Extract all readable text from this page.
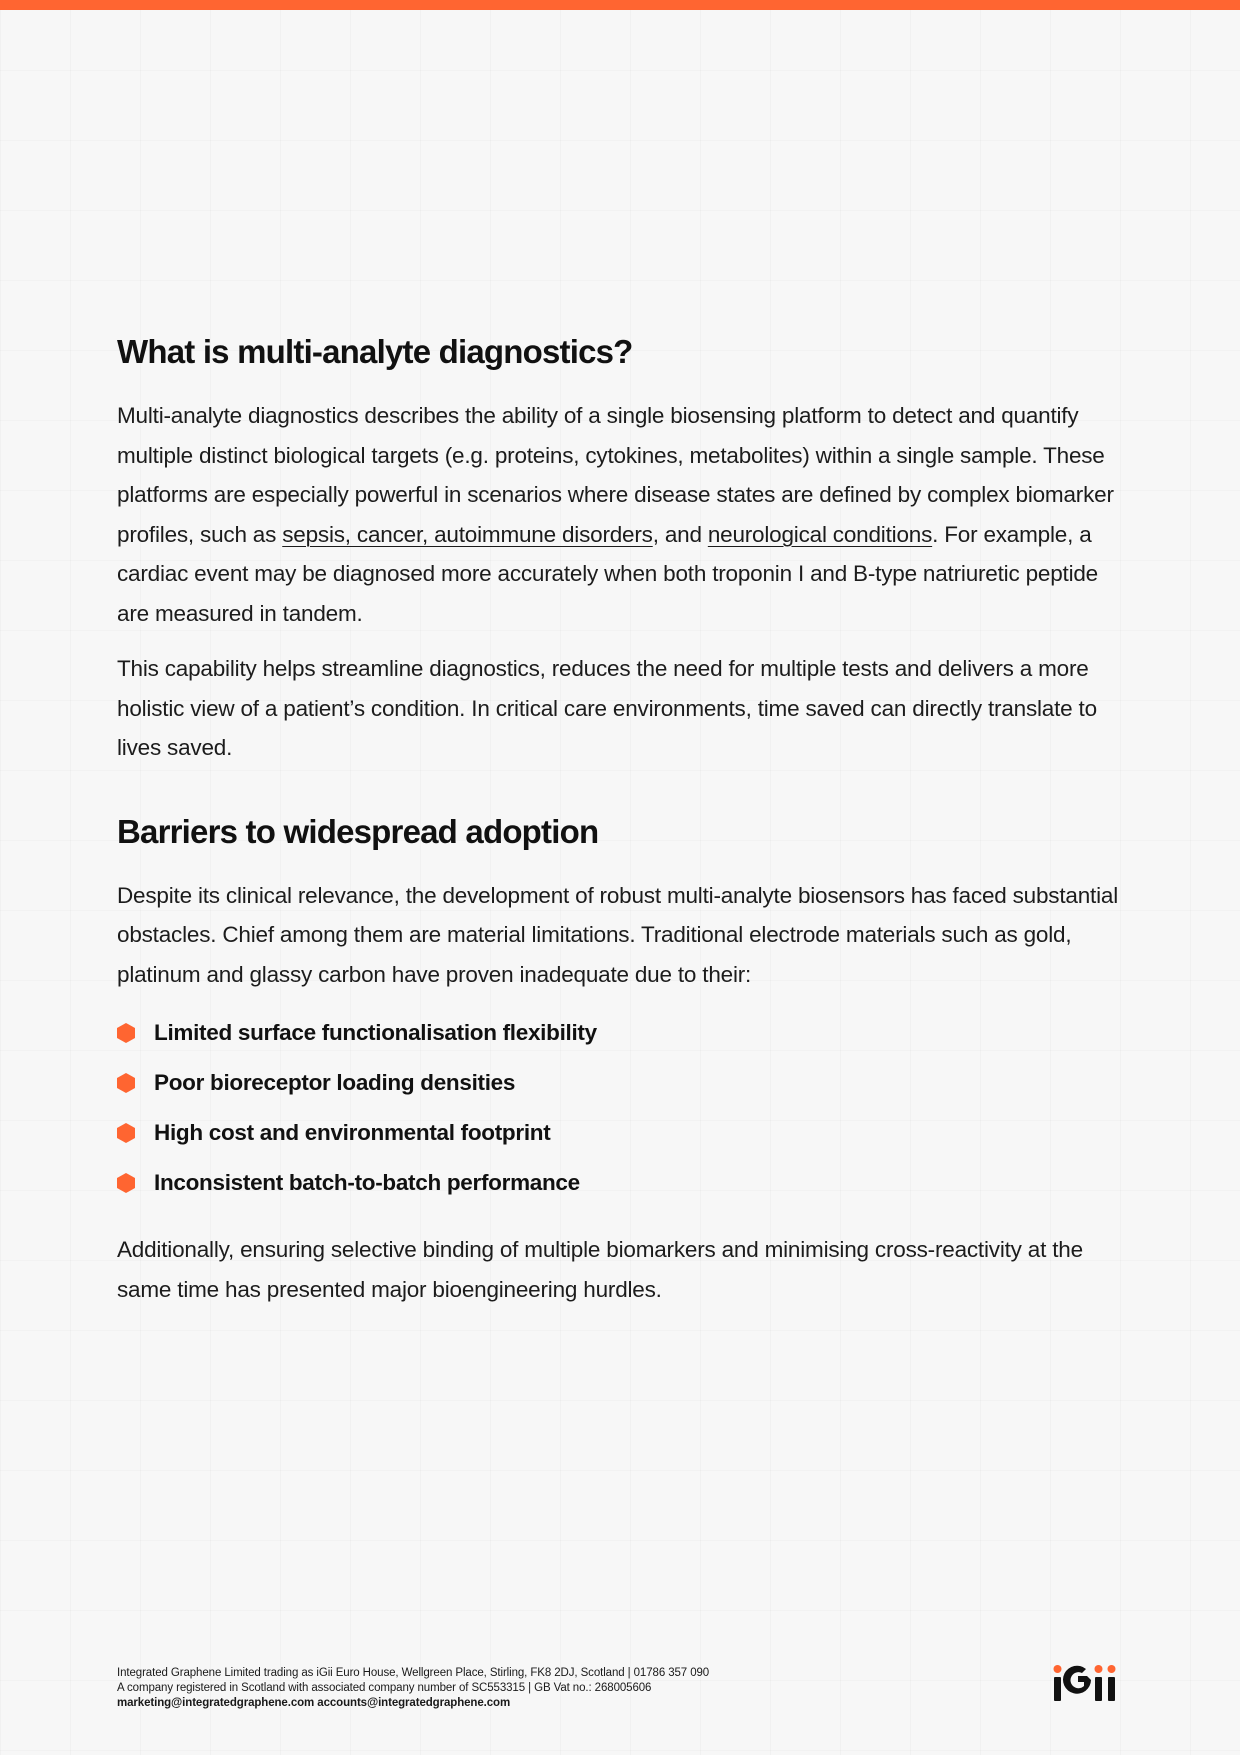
What is multi-analyte diagnostics?

Multi-analyte diagnostics describes the ability of a single biosensing platform to detect and quantify multiple distinct biological targets (e.g. proteins, cytokines, metabolites) within a single sample. These platforms are especially powerful in scenarios where disease states are defined by complex biomarker profiles, such as sepsis, cancer, autoimmune disorders, and neurological conditions. For example, a cardiac event may be diagnosed more accurately when both troponin I and B-type natriuretic peptide are measured in tandem.

This capability helps streamline diagnostics, reduces the need for multiple tests and delivers a more holistic view of a patient’s condition. In critical care environments, time saved can directly translate to lives saved.

Barriers to widespread adoption

Despite its clinical relevance, the development of robust multi-analyte biosensors has faced substantial obstacles. Chief among them are material limitations. Traditional electrode materials such as gold, platinum and glassy carbon have proven inadequate due to their:

Limited surface functionalisation flexibility
Poor bioreceptor loading densities
High cost and environmental footprint
Inconsistent batch-to-batch performance

Additionally, ensuring selective binding of multiple biomarkers and minimising cross-reactivity at the same time has presented major bioengineering hurdles.

Integrated Graphene Limited trading as iGii Euro House, Wellgreen Place, Stirling, FK8 2DJ, Scotland | 01786 357 090
A company registered in Scotland with associated company number of SC553315 | GB Vat no.: 268005606
marketing@integratedgraphene.com accounts@integratedgraphene.com
